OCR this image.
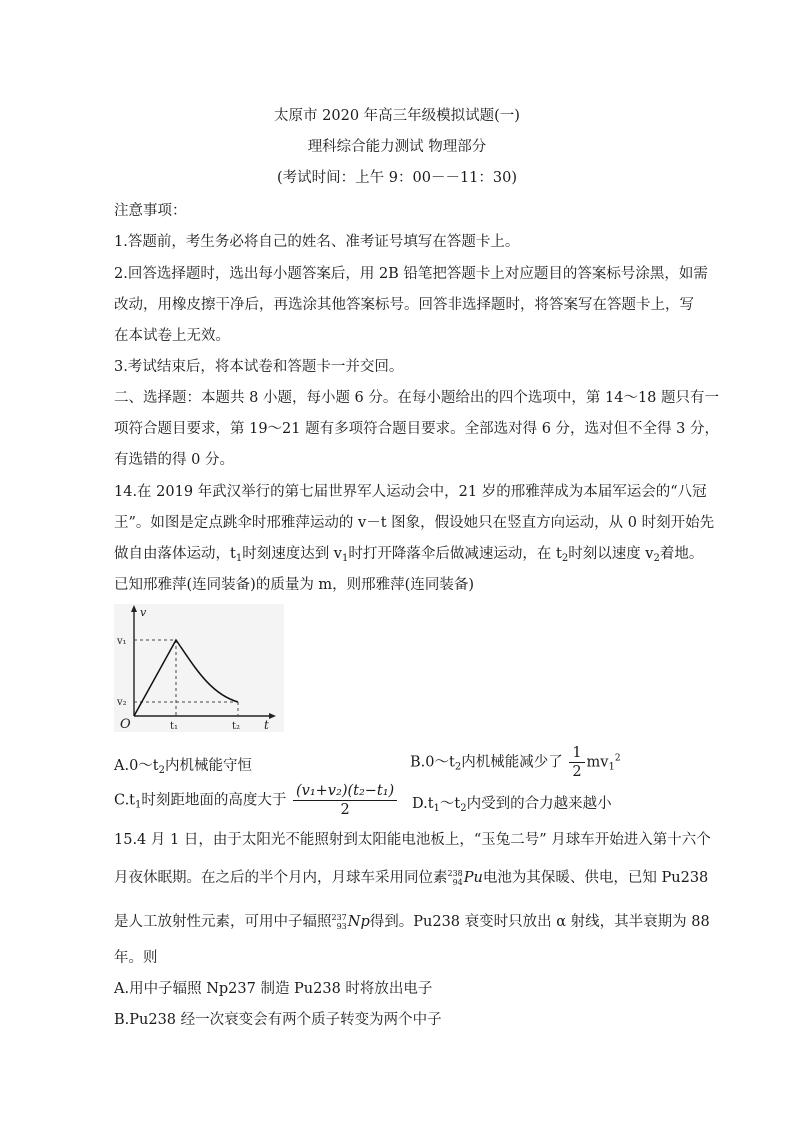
太原市 2020 年高三年级模拟试题(一)
理科综合能力测试 物理部分
(考试时间：上午 9：00－－11：30)
注意事项：
1.答题前，考生务必将自己的姓名、准考证号填写在答题卡上。
2.回答选择题时，选出每小题答案后，用 2B 铅笔把答题卡上对应题目的答案标号涂黑，如需
改动，用橡皮擦干净后，再选涂其他答案标号。回答非选择题时，将答案写在答题卡上，写
在本试卷上无效。
3.考试结束后，将本试卷和答题卡一并交回。
二、选择题：本题共 8 小题，每小题 6 分。在每小题给出的四个选项中，第 14～18 题只有一
项符合题目要求，第 19～21 题有多项符合题目要求。全部选对得 6 分，选对但不全得 3 分，
有选错的得 0 分。
14.在 2019 年武汉举行的第七届世界军人运动会中，21 岁的邢雅萍成为本届军运会的“八冠
王”。如图是定点跳伞时邢雅萍运动的 v－t 图象，假设她只在竖直方向运动，从 0 时刻开始先
做自由落体运动，$t_1$时刻速度达到 $v_1$时打开降落伞后做减速运动，在 $t_2$时刻以速度 $v_2$着地。
已知邢雅萍(连同装备)的质量为 m，则邢雅萍(连同装备)
v
v₁
v₂
O	t₁	t₂ t
$A.0\sim t_2$内机械能守恒	$B.0\sim t_2$内机械能减少了 $\frac{1}{2} mv_1^2$
$C.t_1$时刻距地面的高度大于 $\frac{\text{(v₁+v₂)(t₂−t₁)}}{2}$ $D.t_1\sim t_2$内受到的合力越来越小
15.4 月 1 日，由于太阳光不能照射到太阳能电池板上，“玉兔二号” 月球车开始进入第十六个
月夜休眠期。在之后的半个月内，月球车采用同位素 238
94 Pu电池为其保暖、供电，已知 Pu238
是人工放射性元素，可用中子辐照 237
93 Np得到。Pu238 衰变时只放出 α 射线，其半衰期为 88
年。则
A.用中子辐照 Np237 制造 Pu238 时将放出电子
B.Pu238 经一次衰变会有两个质子转变为两个中子
